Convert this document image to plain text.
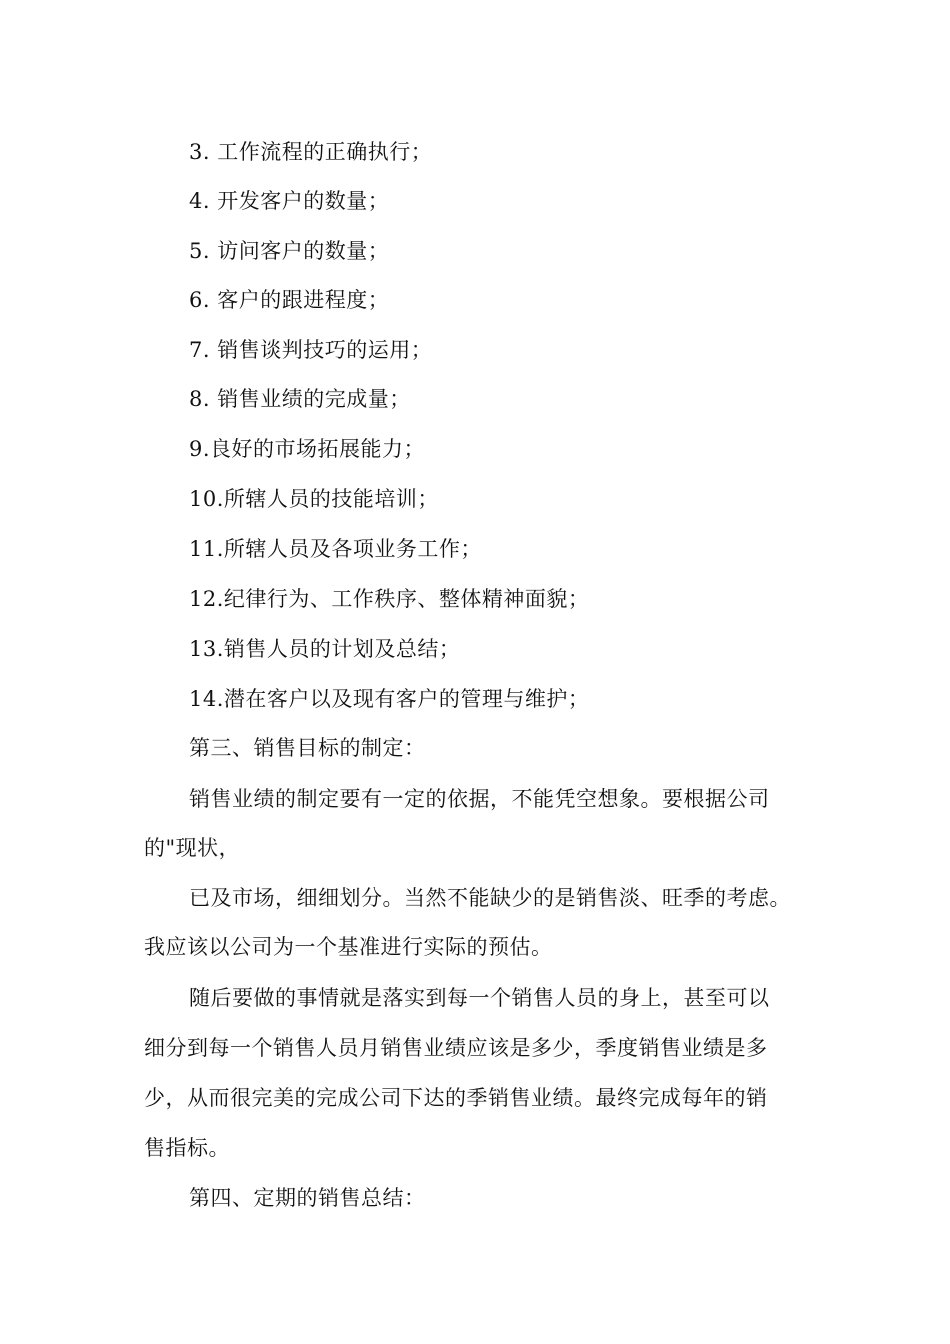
3. 工作流程的正确执行；
4. 开发客户的数量；
5. 访问客户的数量；
6. 客户的跟进程度；
7. 销售谈判技巧的运用；
8. 销售业绩的完成量；
9.良好的市场拓展能力；
10.所辖人员的技能培训；
11.所辖人员及各项业务工作；
12.纪律行为、工作秩序、整体精神面貌；
13.销售人员的计划及总结；
14.潜在客户以及现有客户的管理与维护；
第三、销售目标的制定：
销售业绩的制定要有一定的依据，不能凭空想象。要根据公司
的"现状，
已及市场，细细划分。当然不能缺少的是销售淡、旺季的考虑。
我应该以公司为一个基准进行实际的预估。
随后要做的事情就是落实到每一个销售人员的身上，甚至可以
细分到每一个销售人员月销售业绩应该是多少，季度销售业绩是多
少，从而很完美的完成公司下达的季销售业绩。最终完成每年的销
售指标。
第四、定期的销售总结：
